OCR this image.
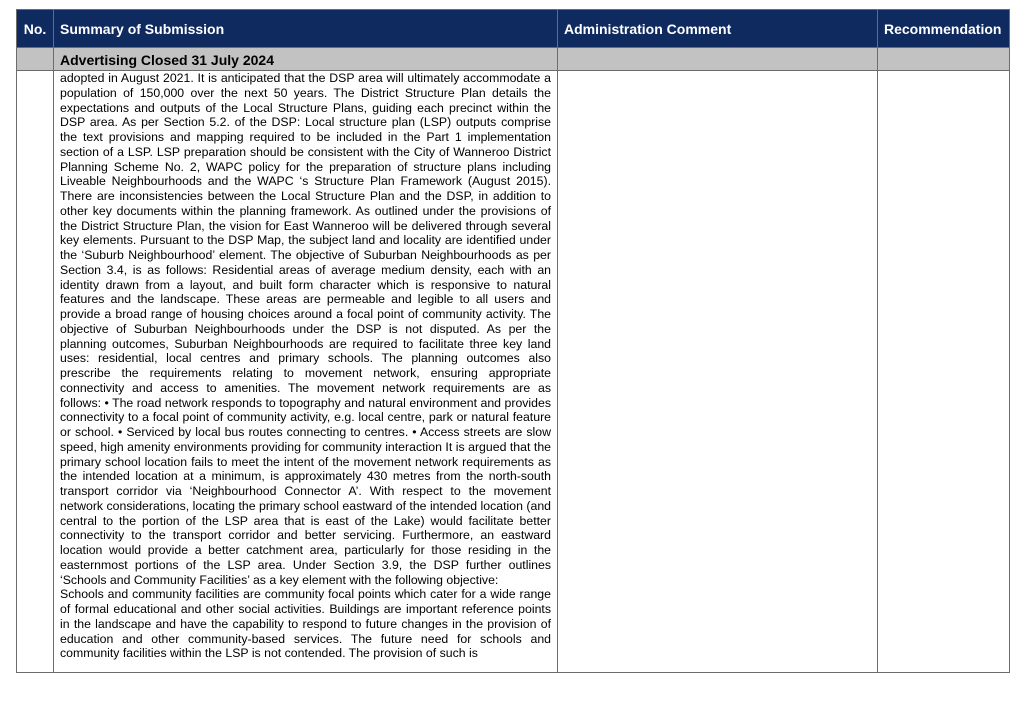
No.	Summary of Submission	Administration Comment	Recommendation
	Advertising Closed 31 July 2024		

	adopted in August 2021. It is anticipated that the DSP area will ultimately accommodate a population of 150,000 over the next 50 years. The District Structure Plan details the expectations and outputs of the Local Structure Plans, guiding each precinct within the DSP area. As per Section 5.2. of the DSP: Local structure plan (LSP) outputs comprise the text provisions and mapping required to be included in the Part 1 implementation section of a LSP. LSP preparation should be consistent with the City of Wanneroo District Planning Scheme No. 2, WAPC policy for the preparation of structure plans including Liveable Neighbourhoods and the WAPC ‘s Structure Plan Framework (August 2015). There are inconsistencies between the Local Structure Plan and the DSP, in addition to other key documents within the planning framework. As outlined under the provisions of the District Structure Plan, the vision for East Wanneroo will be delivered through several key elements. Pursuant to the DSP Map, the subject land and locality are identified under the ‘Suburb Neighbourhood’ element. The objective of Suburban Neighbourhoods as per Section 3.4, is as follows: Residential areas of average medium density, each with an identity drawn from a layout, and built form character which is responsive to natural features and the landscape. These areas are permeable and legible to all users and provide a broad range of housing choices around a focal point of community activity. The objective of Suburban Neighbourhoods under the DSP is not disputed. As per the planning outcomes, Suburban Neighbourhoods are required to facilitate three key land uses: residential, local centres and primary schools. The planning outcomes also prescribe the requirements relating to movement network, ensuring appropriate connectivity and access to amenities. The movement network requirements are as follows: • The road network responds to topography and natural environment and provides connectivity to a focal point of community activity, e.g. local centre, park or natural feature or school. • Serviced by local bus routes connecting to centres. • Access streets are slow speed, high amenity environments providing for community interaction It is argued that the primary school location fails to meet the intent of the movement network requirements as the intended location at a minimum, is approximately 430 metres from the north-south transport corridor via ‘Neighbourhood Connector A’. With respect to the movement network considerations, locating the primary school eastward of the intended location (and central to the portion of the LSP area that is east of the Lake) would facilitate better connectivity to the transport corridor and better servicing. Furthermore, an eastward location would provide a better catchment area, particularly for those residing in the easternmost portions of the LSP area. Under Section 3.9, the DSP further outlines ‘Schools and Community Facilities’ as a key element with the following objective:

Schools and community facilities are community focal points which cater for a wide range of formal educational and other social activities. Buildings are important reference points in the landscape and have the capability to respond to future changes in the provision of education and other community-based services. The future need for schools and community facilities within the LSP is not contended. The provision of such is		
